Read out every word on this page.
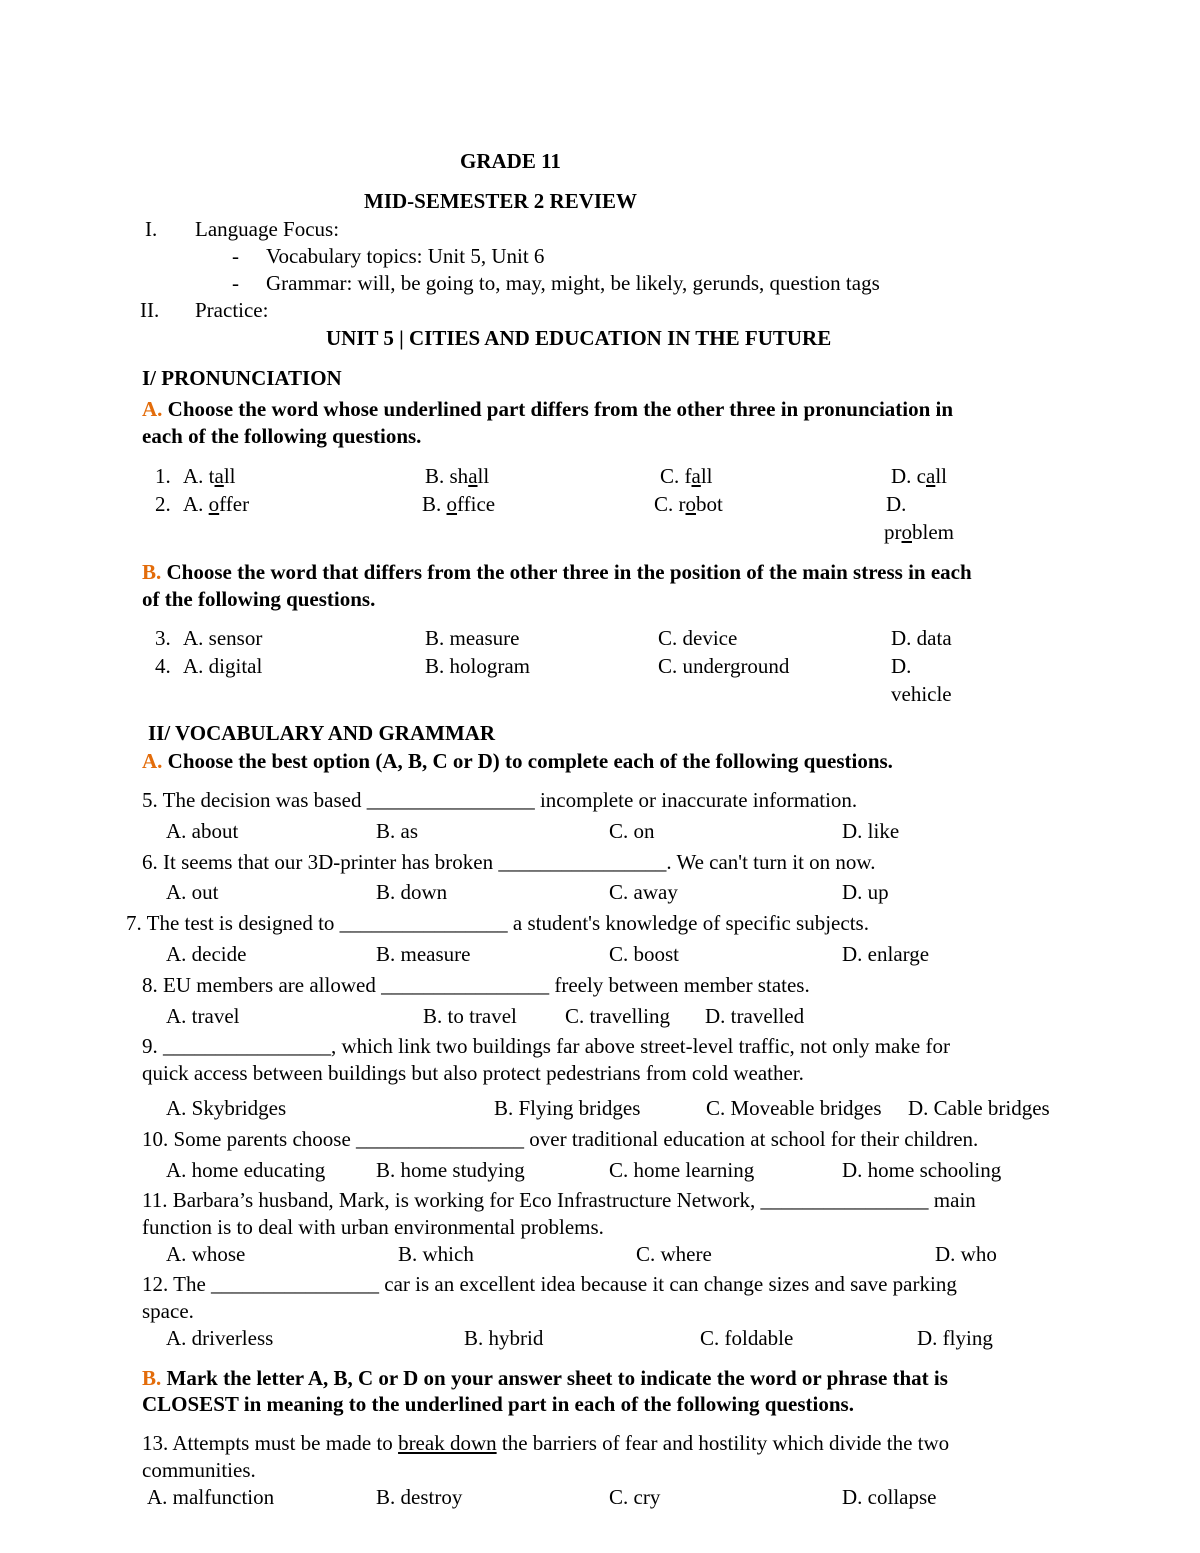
GRADE 11
MID-SEMESTER 2 REVIEW
I. Language Focus:
- Vocabulary topics: Unit 5, Unit 6
- Grammar: will, be going to, may, might, be likely, gerunds, question tags
II. Practice:
UNIT 5 | CITIES AND EDUCATION IN THE FUTURE
I/ PRONUNCIATION
A. Choose the word whose underlined part differs from the other three in pronunciation in
each of the following questions.
1. A. tall	B. shall	C. fall	D. call
2. A. offer	B. office	C. robot	D.
problem
B. Choose the word that differs from the other three in the position of the main stress in each
of the following questions.
3. A. sensor	B. measure	C. device	D. data
4. A. digital	B. hologram	C. underground	D.
vehicle
II/ VOCABULARY AND GRAMMAR
A. Choose the best option (A, B, C or D) to complete each of the following questions.
5. The decision was based ________________ incomplete or inaccurate information.
A. about	B. as	C. on	D. like
6. It seems that our 3D-printer has broken ________________. We can't turn it on now.
A. out	B. down	C. away	D. up
7. The test is designed to ________________ a student's knowledge of specific subjects.
A. decide	B. measure	C. boost	D. enlarge
8. EU members are allowed ________________ freely between member states.
A. travel	B. to travel C. travelling D. travelled
9. ________________, which link two buildings far above street-level traffic, not only make for
quick access between buildings but also protect pedestrians from cold weather.
A. Skybridges	B. Flying bridges	C. Moveable bridges D. Cable bridges
10. Some parents choose ________________ over traditional education at school for their children.
A. home educating B. home studying	C. home learning	D. home schooling
11. Barbara’s husband, Mark, is working for Eco Infrastructure Network, ________________ main
function is to deal with urban environmental problems.
A. whose	B. which	C. where	D. who
12. The ________________ car is an excellent idea because it can change sizes and save parking
space.
A. driverless	B. hybrid	C. foldable	D. flying
B. Mark the letter A, B, C or D on your answer sheet to indicate the word or phrase that is
CLOSEST in meaning to the underlined part in each of the following questions.
13. Attempts must be made to break down the barriers of fear and hostility which divide the two
communities.
A. malfunction	B. destroy	C. cry	D. collapse
